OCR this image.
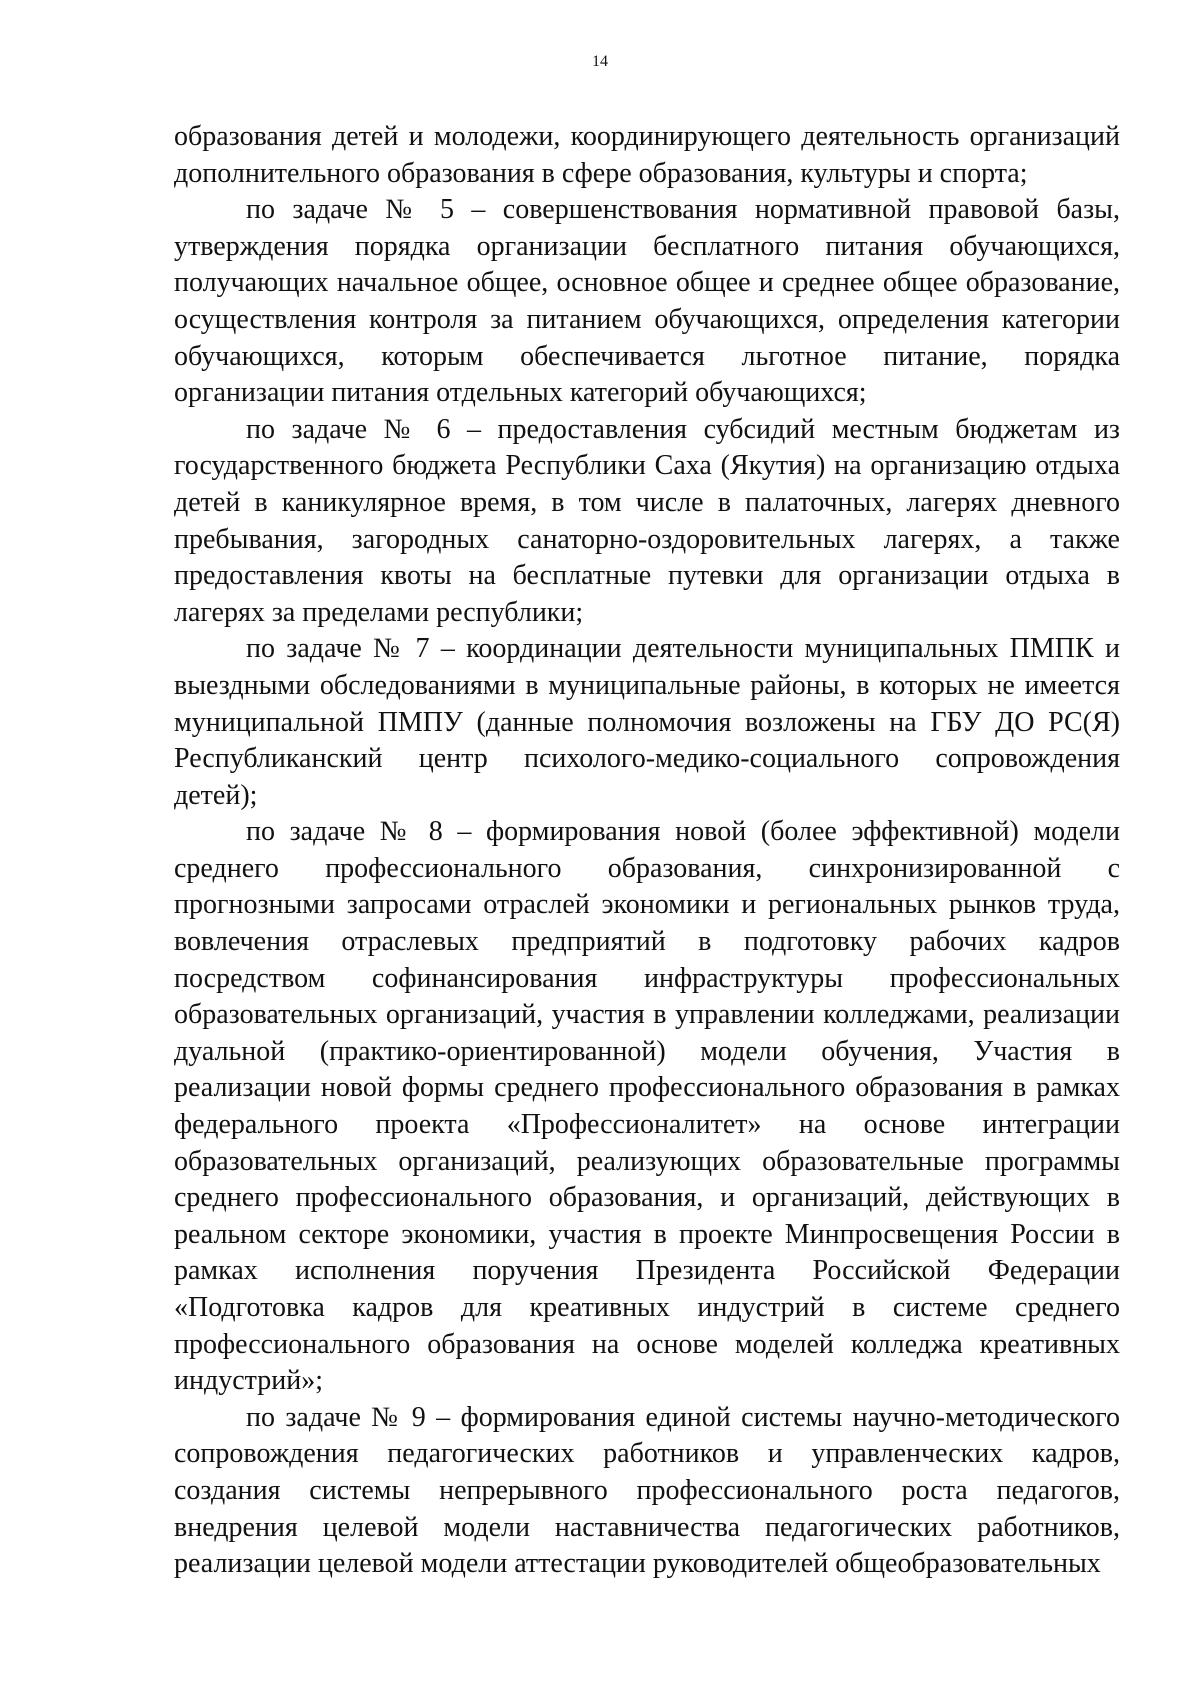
14

образования детей и молодежи, координирующего деятельность организаций дополнительного образования в сфере образования, культуры и спорта;

по задаче № 5 – совершенствования нормативной правовой базы, утверждения порядка организации бесплатного питания обучающихся, получающих начальное общее, основное общее и среднее общее образование, осуществления контроля за питанием обучающихся, определения категории обучающихся, которым обеспечивается льготное питание, порядка организации питания отдельных категорий обучающихся;

по задаче № 6 – предоставления субсидий местным бюджетам из государственного бюджета Республики Саха (Якутия) на организацию отдыха детей в каникулярное время, в том числе в палаточных, лагерях дневного пребывания, загородных санаторно-оздоровительных лагерях, а также предоставления квоты на бесплатные путевки для организации отдыха в лагерях за пределами республики;

по задаче № 7 – координации деятельности муниципальных ПМПК и выездными обследованиями в муниципальные районы, в которых не имеется муниципальной ПМПУ (данные полномочия возложены на ГБУ ДО РС(Я) Республиканский центр психолого-медико-социального сопровождения детей);

по задаче № 8 – формирования новой (более эффективной) модели среднего профессионального образования, синхронизированной с прогнозными запросами отраслей экономики и региональных рынков труда, вовлечения отраслевых предприятий в подготовку рабочих кадров посредством софинансирования инфраструктуры профессиональных образовательных организаций, участия в управлении колледжами, реализации дуальной (практико-ориентированной) модели обучения, Участия в реализации новой формы среднего профессионального образования в рамках федерального проекта «Профессионалитет» на основе интеграции образовательных организаций, реализующих образовательные программы среднего профессионального образования, и организаций, действующих в реальном секторе экономики, участия в проекте Минпросвещения России в рамках исполнения поручения Президента Российской Федерации «Подготовка кадров для креативных индустрий в системе среднего профессионального образования на основе моделей колледжа креативных индустрий»;

по задаче № 9 – формирования единой системы научно-методического сопровождения педагогических работников и управленческих кадров, создания системы непрерывного профессионального роста педагогов, внедрения целевой модели наставничества педагогических работников, реализации целевой модели аттестации руководителей общеобразовательных
